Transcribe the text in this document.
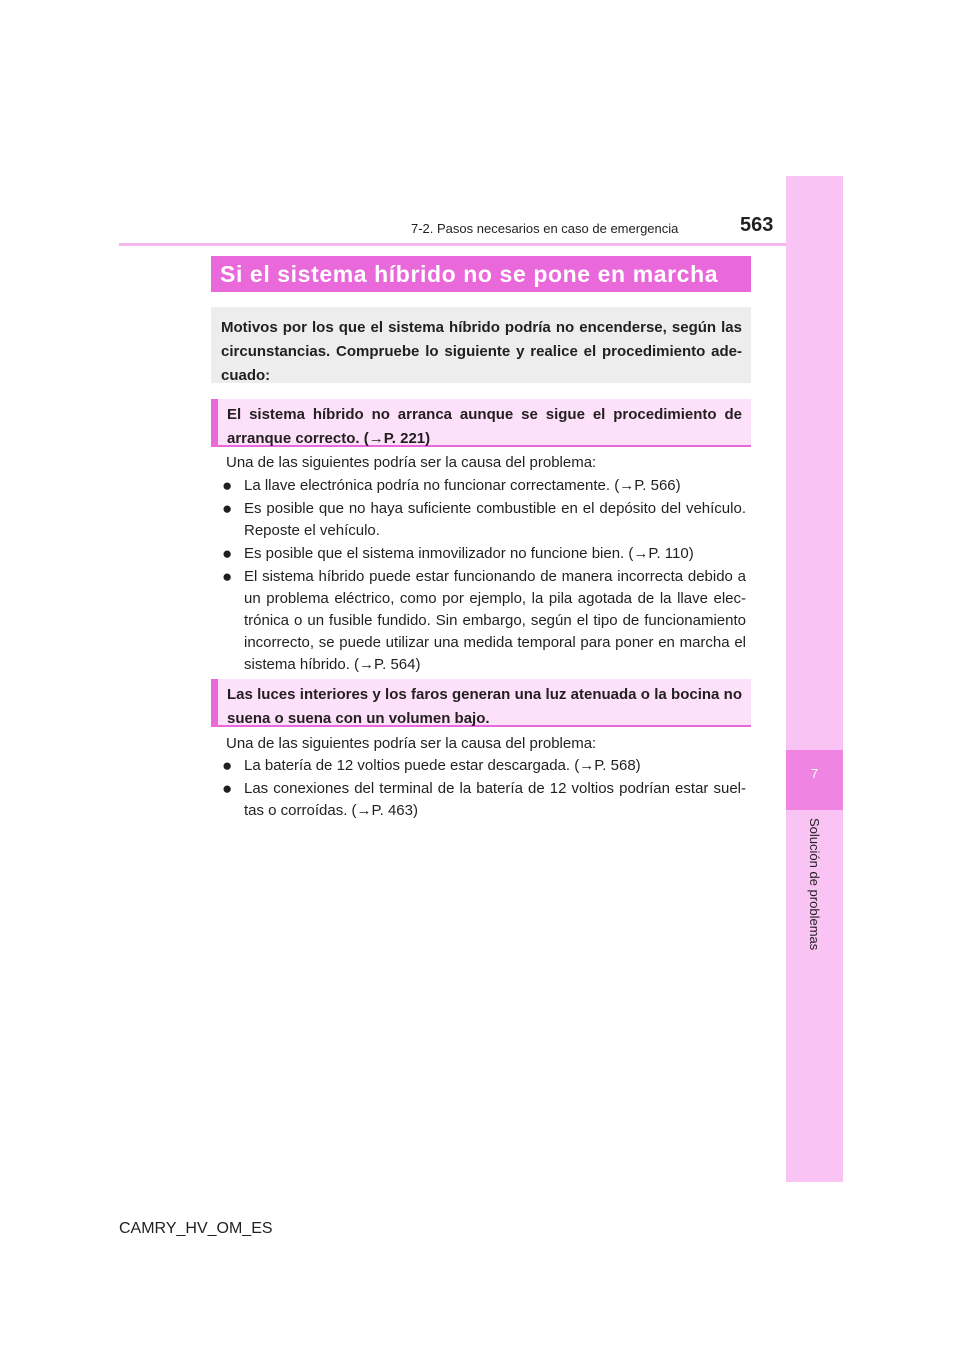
7
Solución de problemas
7-2. Pasos necesarios en caso de emergencia	563
Si el sistema híbrido no se pone en marcha
Motivos por los que el sistema híbrido podría no encenderse, según las circunstancias. Compruebe lo siguiente y realice el procedimiento ade-cuado:
El sistema híbrido no arranca aunque se sigue el procedimiento de arranque correcto. (→P. 221)
Una de las siguientes podría ser la causa del problema:
● La llave electrónica podría no funcionar correctamente. (→P. 566)
● Es posible que no haya suficiente combustible en el depósito del vehículo. Reposte el vehículo.
● Es posible que el sistema inmovilizador no funcione bien. (→P. 110)
● El sistema híbrido puede estar funcionando de manera incorrecta debido a un problema eléctrico, como por ejemplo, la pila agotada de la llave elec-trónica o un fusible fundido. Sin embargo, según el tipo de funcionamiento incorrecto, se puede utilizar una medida temporal para poner en marcha el sistema híbrido. (→P. 564)
Las luces interiores y los faros generan una luz atenuada o la bocina no suena o suena con un volumen bajo.
Una de las siguientes podría ser la causa del problema:
● La batería de 12 voltios puede estar descargada. (→P. 568)
● Las conexiones del terminal de la batería de 12 voltios podrían estar suel-tas o corroídas. (→P. 463)
CAMRY_HV_OM_ES
